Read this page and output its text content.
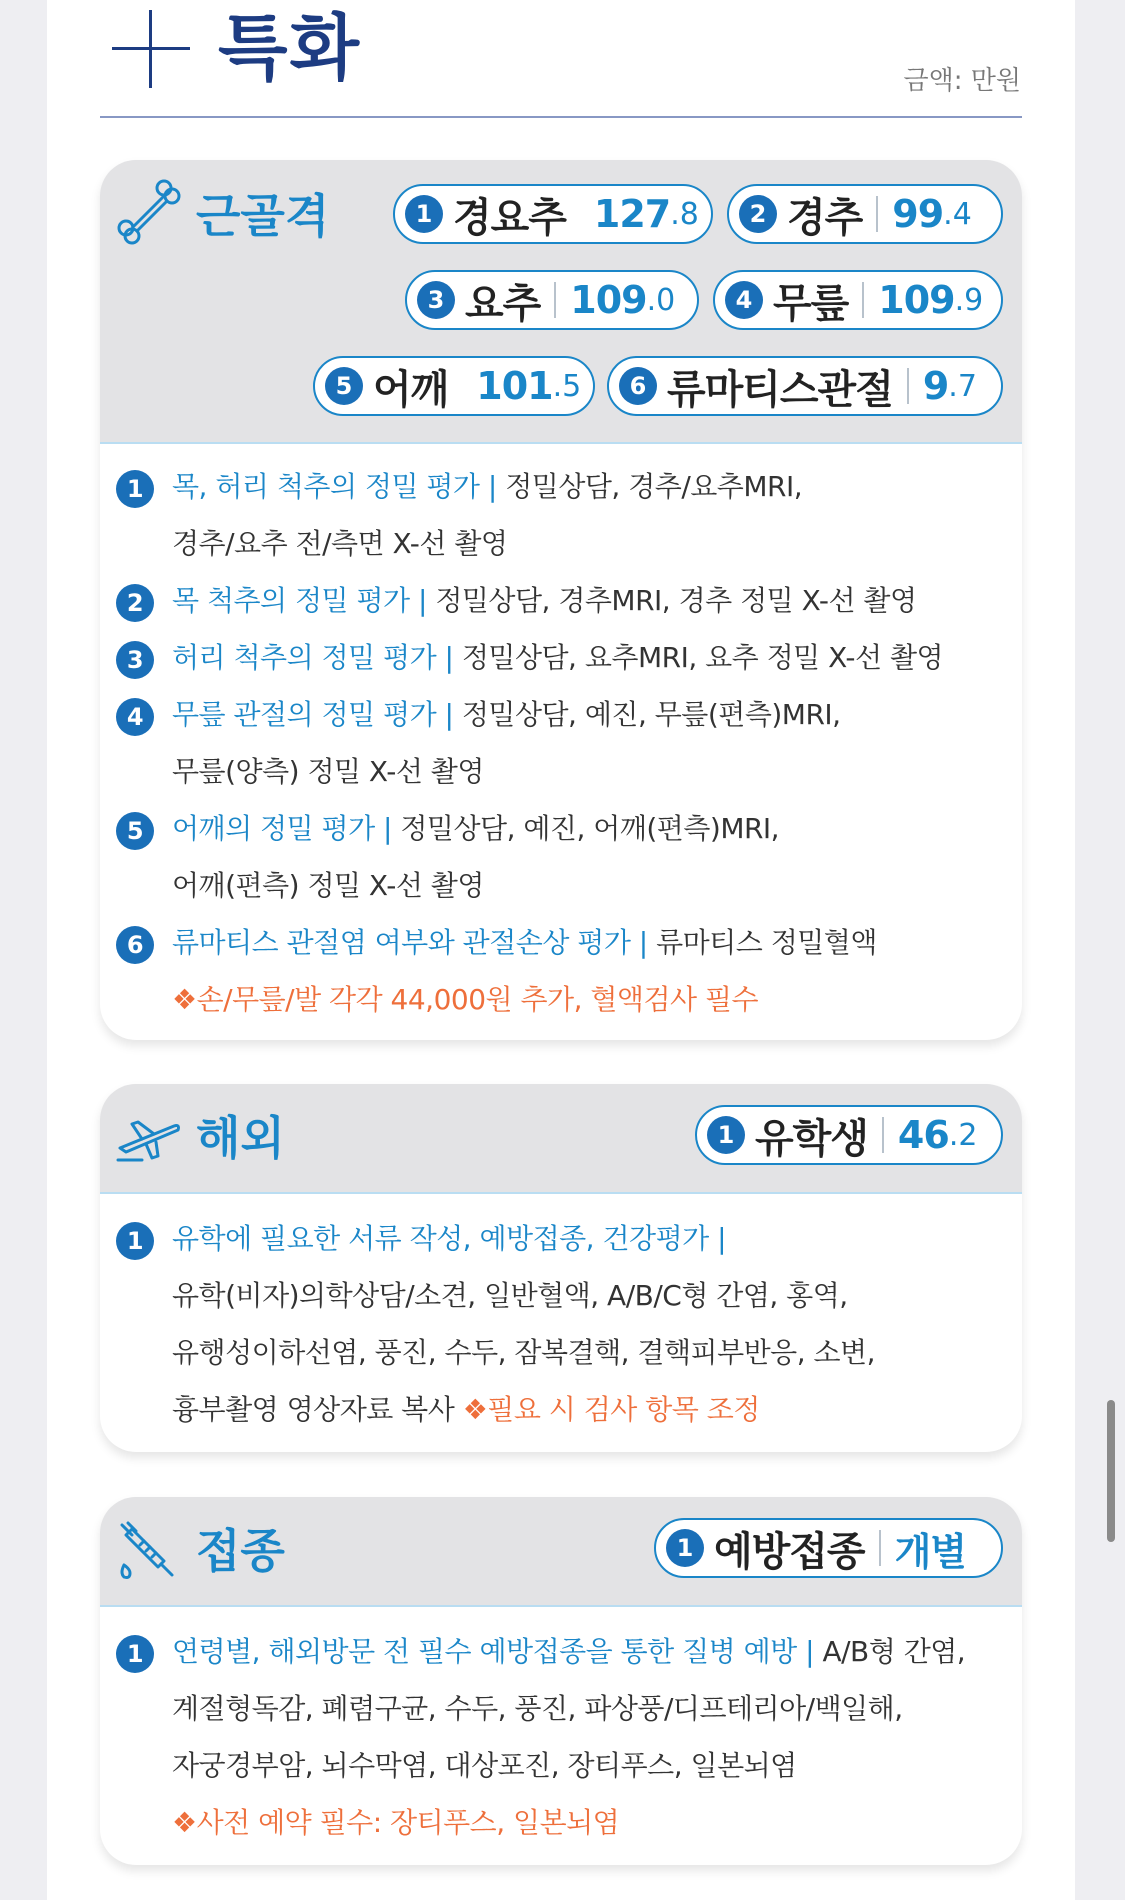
특화	금액: 만원
근골격	1 경요추 127 .8	2 경추 99 .4
3 요추 109 .0	4 무릎 109 .9
5 어깨 101 .5	6 류마티스관절 9 .7
1	목, 허리 척추의 정밀 평가 | 정밀상담, 경추/요추MRI,
경추/요추 전/측면 X-선 촬영
2	목 척추의 정밀 평가 | 정밀상담, 경추MRI, 경추 정밀 X-선 촬영
3	허리 척추의 정밀 평가 | 정밀상담, 요추MRI, 요추 정밀 X-선 촬영
4	무릎 관절의 정밀 평가 | 정밀상담, 예진, 무릎(편측)MRI,
무릎(양측) 정밀 X-선 촬영
5	어깨의 정밀 평가 | 정밀상담, 예진, 어깨(편측)MRI,
어깨(편측) 정밀 X-선 촬영
6	류마티스 관절염 여부와 관절손상 평가 | 류마티스 정밀혈액
❖손/무릎/발 각각 44,000원 추가, 혈액검사 필수
해외	1 유학생 46 .2
1	유학에 필요한 서류 작성, 예방접종, 건강평가 |
유학(비자)의학상담/소견, 일반혈액, A/B/C형 간염, 홍역,
유행성이하선염, 풍진, 수두, 잠복결핵, 결핵피부반응, 소변,
흉부촬영 영상자료 복사 ❖필요 시 검사 항목 조정
접종	1 예방접종 개별
1	연령별, 해외방문 전 필수 예방접종을 통한 질병 예방 | A/B형 간염,
계절형독감, 폐렴구균, 수두, 풍진, 파상풍/디프테리아/백일해,
자궁경부암, 뇌수막염, 대상포진, 장티푸스, 일본뇌염
❖사전 예약 필수: 장티푸스, 일본뇌염
